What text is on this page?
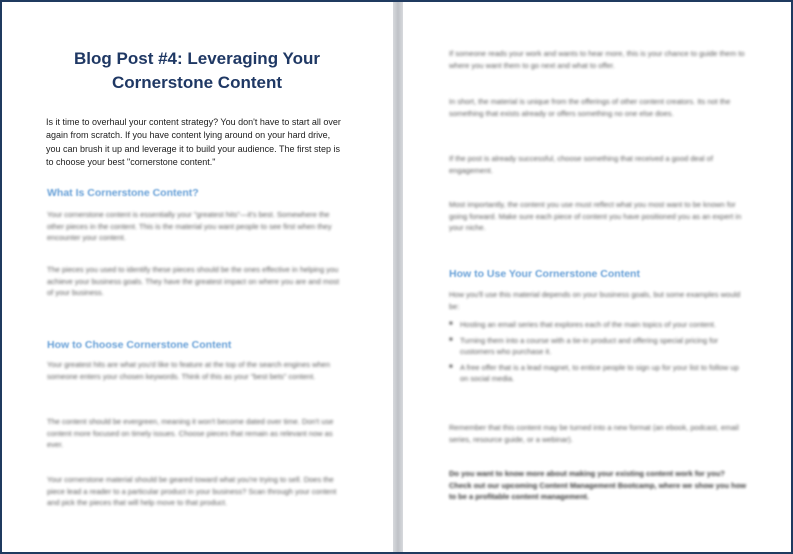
Blog Post #4: Leveraging Your Cornerstone Content
Is it time to overhaul your content strategy? You don't have to start all over again from scratch. If you have content lying around on your hard drive, you can brush it up and leverage it to build your audience. The first step is to choose your best "cornerstone content."
What Is Cornerstone Content?
Your cornerstone content is essentially your "greatest hits"—it's best. Somewhere the other pieces in the content. This is the material you want people to see first when they encounter your content.
The pieces you used to identify these pieces should be the ones effective in helping you achieve your business goals. They have the greatest impact on where you are and most of your business.
How to Choose Cornerstone Content
Your greatest hits are what you'd like to feature at the top of the search engines when someone enters your chosen keywords. Think of this as your "best bets" content.
The content should be evergreen, meaning it won't become dated over time. Don't use content more focused on timely issues. Choose pieces that remain as relevant now as ever.
Your cornerstone material should be geared toward what you're trying to sell. Does the piece lead a reader to a particular product in your business? Scan through your content and pick the pieces that will help move to that product.
If someone reads your work and wants to hear more, this is your chance to guide them to where you want them to go next and what to offer.
In short, the material is unique from the offerings of other content creators. Its not the something that exists already or offers something no one else does.
If the post is already successful, choose something that received a good deal of engagement.
Most importantly, the content you use must reflect what you most want to be known for going forward. Make sure each piece of content you have positioned you as an expert in your niche.
How to Use Your Cornerstone Content
How you'll use this material depends on your business goals, but some examples would be:
■ Hosting an email series that explores each of the main topics of your content.
■ Turning them into a course with a tie-in product and offering special pricing for customers who purchase it.
■ A free offer that is a lead magnet, to entice people to sign up for your list to follow up on social media.
Remember that this content may be turned into a new format (an ebook, podcast, email series, resource guide, or a webinar).
Do you want to know more about making your existing content work for you? Check out our upcoming Content Management Bootcamp, where we show you how to be a profitable content management.
